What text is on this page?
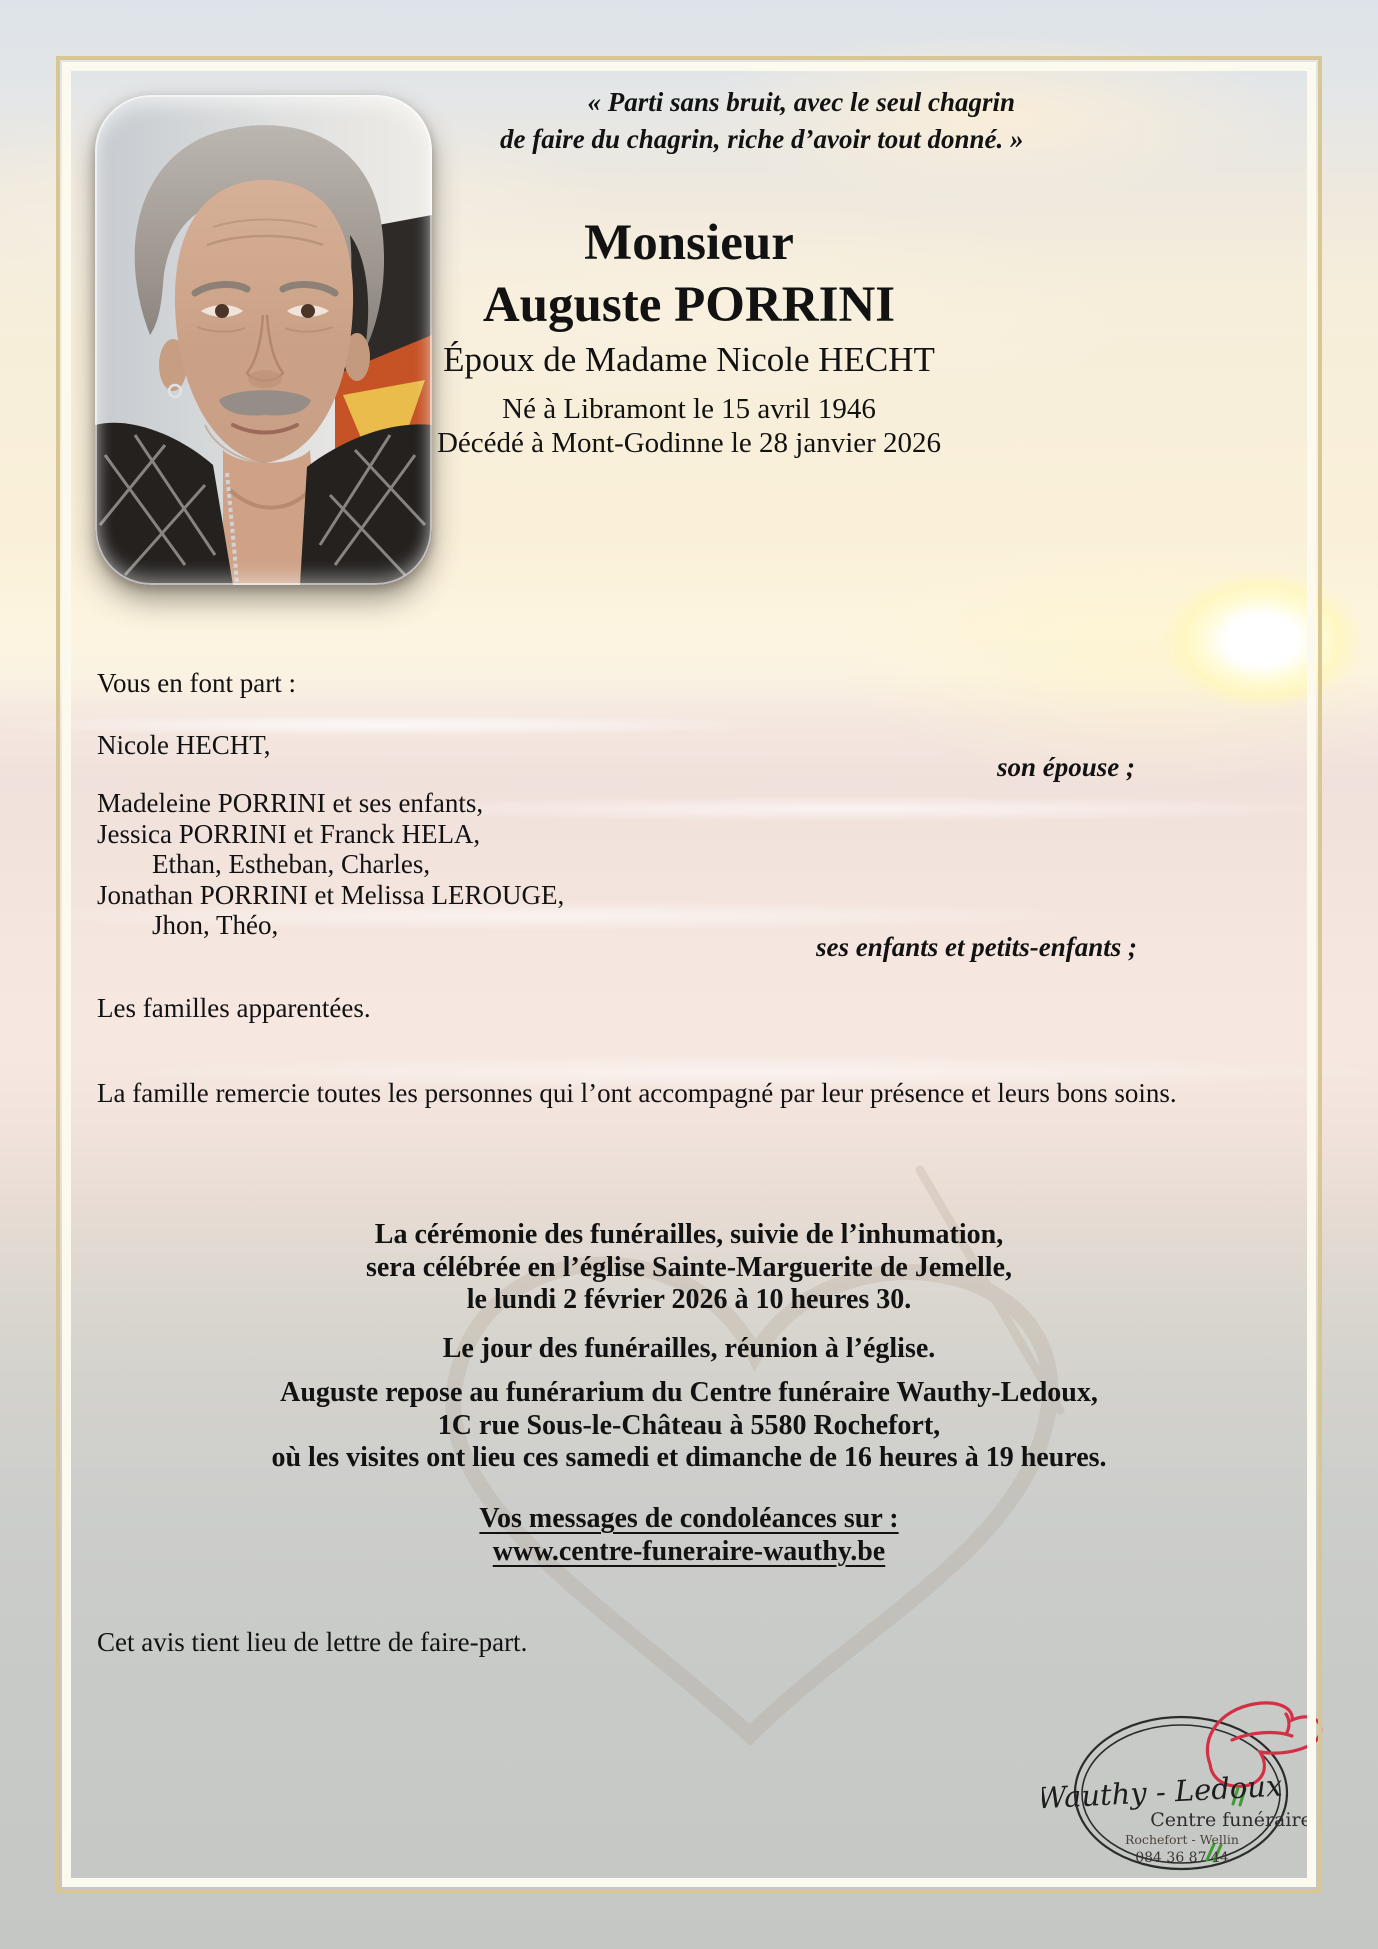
« Parti sans bruit, avec le seul chagrin
de faire du chagrin, riche d’avoir tout donné. »
Monsieur
Auguste PORRINI
Époux de Madame Nicole HECHT
Né à Libramont le 15 avril 1946
Décédé à Mont-Godinne le 28 janvier 2026
Vous en font part :
Nicole HECHT,
son épouse ;
Madeleine PORRINI et ses enfants,
Jessica PORRINI et Franck HELA,
Ethan, Estheban, Charles,
Jonathan PORRINI et Melissa LEROUGE,
Jhon, Théo,
ses enfants et petits-enfants ;
Les familles apparentées.
La famille remercie toutes les personnes qui l’ont accompagné par leur présence et leurs bons soins.
La cérémonie des funérailles, suivie de l’inhumation,
sera célébrée en l’église Sainte-Marguerite de Jemelle,
le lundi 2 février 2026 à 10 heures 30.
Le jour des funérailles, réunion à l’église.
Auguste repose au funérarium du Centre funéraire Wauthy-Ledoux,
1C rue Sous-le-Château à 5580 Rochefort,
où les visites ont lieu ces samedi et dimanche de 16 heures à 19 heures.
Vos messages de condoléances sur :
www.centre-funeraire-wauthy.be
Cet avis tient lieu de lettre de faire-part.
Wauthy - Ledoux
Centre funéraire
Rochefort - Wellin
084 36 87 44
